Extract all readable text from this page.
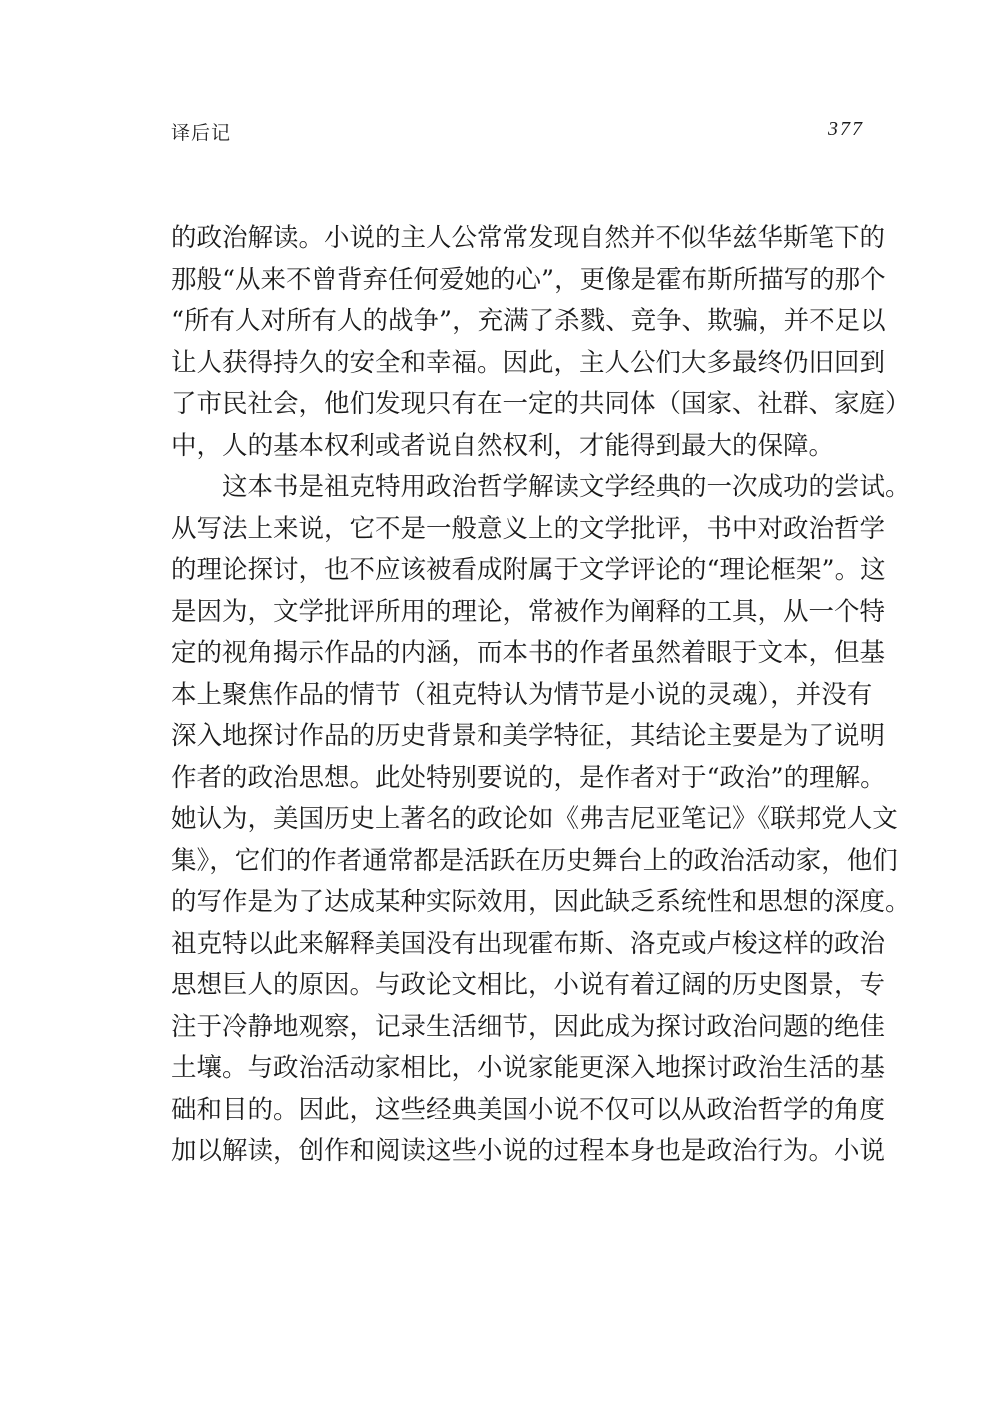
译后记	377
的政治解读。小说的主人公常常发现自然并不似华兹华斯笔下的
那般“从来不曾背弃任何爱她的心”，更像是霍布斯所描写的那个
“所有人对所有人的战争”，充满了杀戮、竞争、欺骗，并不足以
让人获得持久的安全和幸福。因此，主人公们大多最终仍旧回到
了市民社会，他们发现只有在一定的共同体（国家、社群、家庭）
中，人的基本权利或者说自然权利，才能得到最大的保障。
这本书是祖克特用政治哲学解读文学经典的一次成功的尝试。
从写法上来说，它不是一般意义上的文学批评，书中对政治哲学
的理论探讨，也不应该被看成附属于文学评论的“理论框架”。这
是因为，文学批评所用的理论，常被作为阐释的工具，从一个特
定的视角揭示作品的内涵，而本书的作者虽然着眼于文本，但基
本上聚焦作品的情节（祖克特认为情节是小说的灵魂），并没有
深入地探讨作品的历史背景和美学特征，其结论主要是为了说明
作者的政治思想。此处特别要说的，是作者对于“政治”的理解。
她认为，美国历史上著名的政论如《弗吉尼亚笔记》《联邦党人文
集》，它们的作者通常都是活跃在历史舞台上的政治活动家，他们
的写作是为了达成某种实际效用，因此缺乏系统性和思想的深度。
祖克特以此来解释美国没有出现霍布斯、洛克或卢梭这样的政治
思想巨人的原因。与政论文相比，小说有着辽阔的历史图景，专
注于冷静地观察，记录生活细节，因此成为探讨政治问题的绝佳
土壤。与政治活动家相比，小说家能更深入地探讨政治生活的基
础和目的。因此，这些经典美国小说不仅可以从政治哲学的角度
加以解读，创作和阅读这些小说的过程本身也是政治行为。小说
